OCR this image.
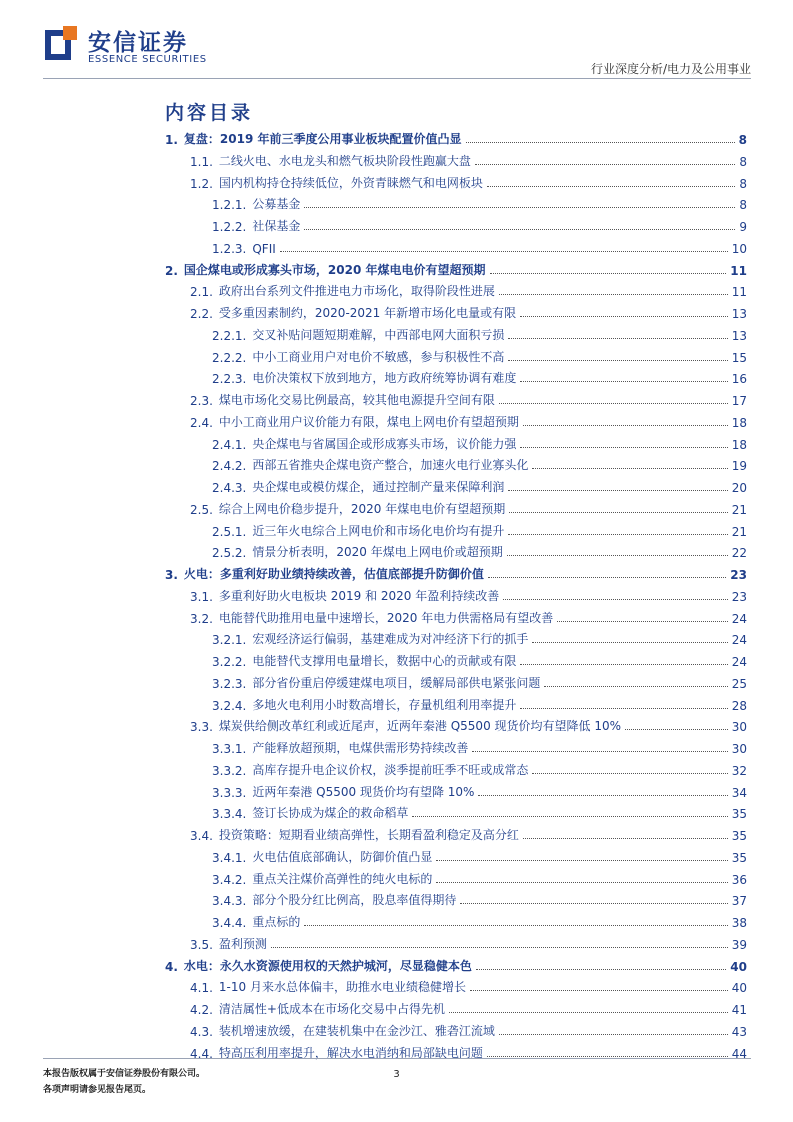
安信证券
ESSENCE SECURITIES
行业深度分析/电力及公用事业
内容目录
1. 复盘：2019 年前三季度公用事业板块配置价值凸显	8
1.1. 二线火电、水电龙头和燃气板块阶段性跑赢大盘	8
1.2. 国内机构持仓持续低位，外资青睐燃气和电网板块	8
1.2.1. 公募基金	8
1.2.2. 社保基金	9
1.2.3. QFII	10
2. 国企煤电或形成寡头市场，2020 年煤电电价有望超预期	11
2.1. 政府出台系列文件推进电力市场化，取得阶段性进展	11
2.2. 受多重因素制约，2020-2021 年新增市场化电量或有限	13
2.2.1. 交叉补贴问题短期难解，中西部电网大面积亏损	13
2.2.2. 中小工商业用户对电价不敏感，参与积极性不高	15
2.2.3. 电价决策权下放到地方，地方政府统筹协调有难度	16
2.3. 煤电市场化交易比例最高，较其他电源提升空间有限	17
2.4. 中小工商业用户议价能力有限，煤电上网电价有望超预期	18
2.4.1. 央企煤电与省属国企或形成寡头市场，议价能力强	18
2.4.2. 西部五省推央企煤电资产整合，加速火电行业寡头化	19
2.4.3. 央企煤电或模仿煤企，通过控制产量来保障利润	20
2.5. 综合上网电价稳步提升，2020 年煤电电价有望超预期	21
2.5.1. 近三年火电综合上网电价和市场化电价均有提升	21
2.5.2. 情景分析表明，2020 年煤电上网电价或超预期	22
3. 火电：多重利好助业绩持续改善，估值底部提升防御价值	23
3.1. 多重利好助火电板块 2019 和 2020 年盈利持续改善	23
3.2. 电能替代助推用电量中速增长，2020 年电力供需格局有望改善	24
3.2.1. 宏观经济运行偏弱，基建难成为对冲经济下行的抓手	24
3.2.2. 电能替代支撑用电量增长，数据中心的贡献或有限	24
3.2.3. 部分省份重启停缓建煤电项目，缓解局部供电紧张问题	25
3.2.4. 多地火电利用小时数高增长，存量机组利用率提升	28
3.3. 煤炭供给侧改革红利或近尾声，近两年秦港 Q5500 现货价均有望降低 10%	30
3.3.1. 产能释放超预期，电煤供需形势持续改善	30
3.3.2. 高库存提升电企议价权，淡季提前旺季不旺或成常态	32
3.3.3. 近两年秦港 Q5500 现货价均有望降 10%	34
3.3.4. 签订长协成为煤企的救命稻草	35
3.4. 投资策略：短期看业绩高弹性，长期看盈利稳定及高分红	35
3.4.1. 火电估值底部确认，防御价值凸显	35
3.4.2. 重点关注煤价高弹性的纯火电标的	36
3.4.3. 部分个股分红比例高，股息率值得期待	37
3.4.4. 重点标的	38
3.5. 盈利预测	39
4. 水电：永久水资源使用权的天然护城河，尽显稳健本色	40
4.1. 1-10 月来水总体偏丰，助推水电业绩稳健增长	40
4.2. 清洁属性+低成本在市场化交易中占得先机	41
4.3. 装机增速放缓，在建装机集中在金沙江、雅砻江流域	43
4.4. 特高压利用率提升，解决水电消纳和局部缺电问题	44
本报告版权属于安信证券股份有限公司。
各项声明请参见报告尾页。
3
